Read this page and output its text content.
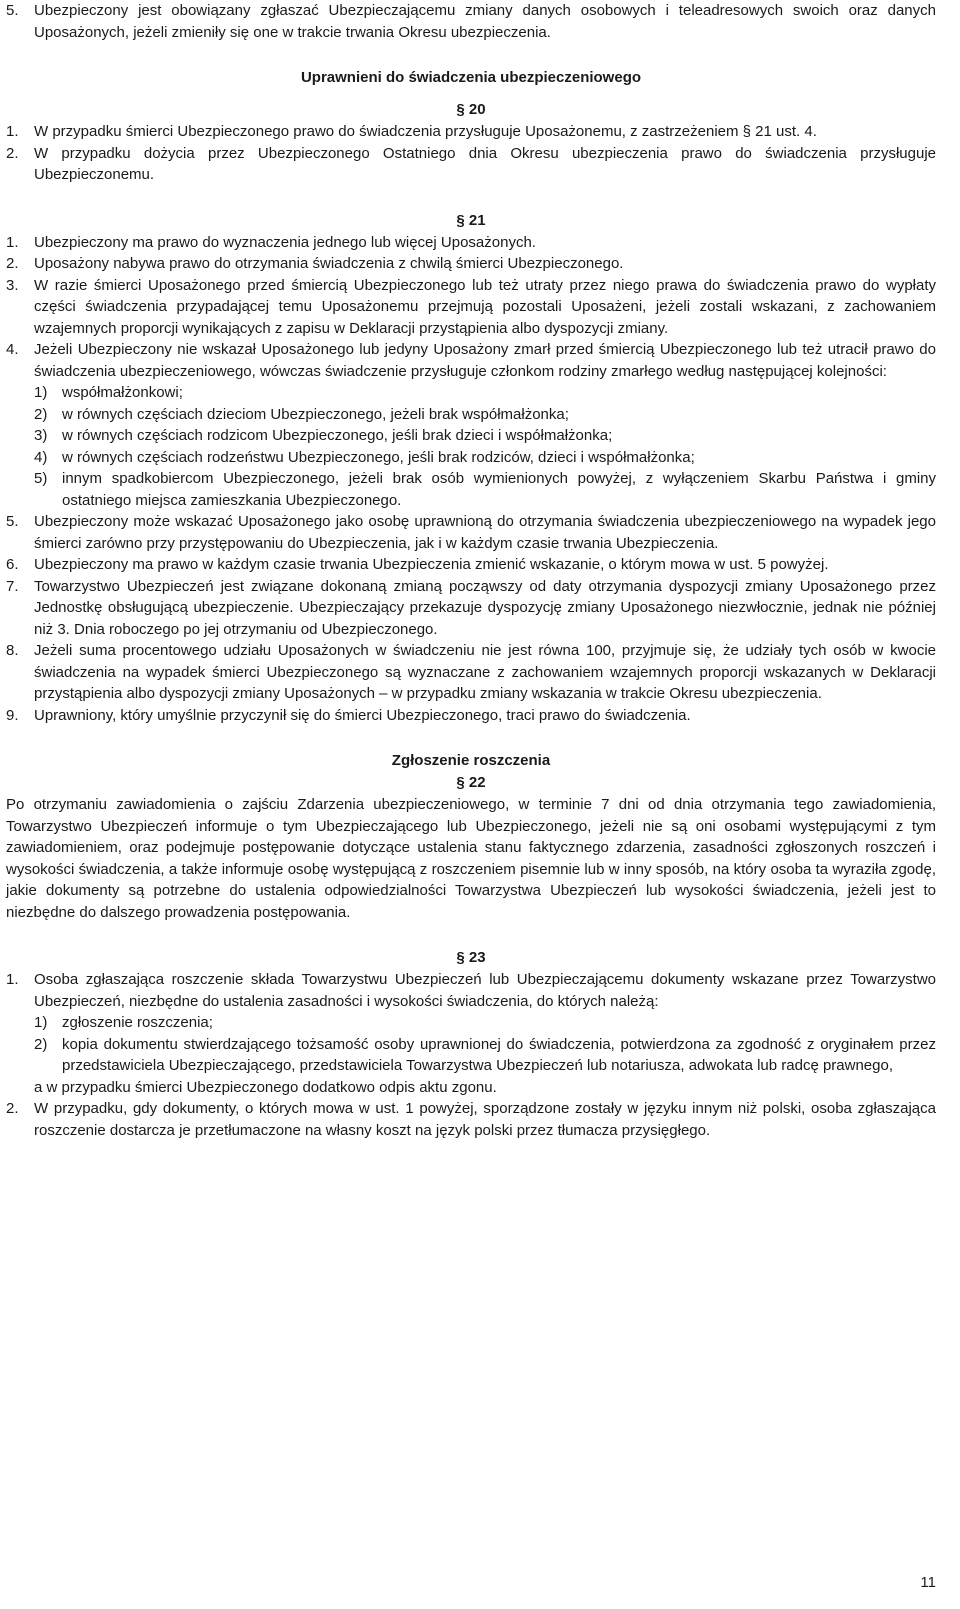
5.	Ubezpieczony jest obowiązany zgłaszać Ubezpieczającemu zmiany danych osobowych i teleadresowych swoich oraz danych Uposażonych, jeżeli zmieniły się one w trakcie trwania Okresu ubezpieczenia.
Uprawnieni do świadczenia ubezpieczeniowego
§ 20
1.	W przypadku śmierci Ubezpieczonego prawo do świadczenia przysługuje Uposażonemu, z zastrzeżeniem § 21 ust. 4.
2.	W przypadku dożycia przez Ubezpieczonego Ostatniego dnia Okresu ubezpieczenia prawo do świadczenia przysługuje Ubezpieczonemu.
§ 21
1.	Ubezpieczony ma prawo do wyznaczenia jednego lub więcej Uposażonych.
2.	Uposażony nabywa prawo do otrzymania świadczenia z chwilą śmierci Ubezpieczonego.
3.	W razie śmierci Uposażonego przed śmiercią Ubezpieczonego lub też utraty przez niego prawa do świadczenia prawo do wypłaty części świadczenia przypadającej temu Uposażonemu przejmują pozostali Uposażeni, jeżeli zostali wskazani, z zachowaniem wzajemnych proporcji wynikających z zapisu w Deklaracji przystąpienia albo dyspozycji zmiany.
4.	Jeżeli Ubezpieczony nie wskazał Uposażonego lub jedyny Uposażony zmarł przed śmiercią Ubezpieczonego lub też utracił prawo do świadczenia ubezpieczeniowego, wówczas świadczenie przysługuje członkom rodziny zmarłego według następującej kolejności:
1) współmałżonkowi;
2) w równych częściach dzieciom Ubezpieczonego, jeżeli brak współmałżonka;
3) w równych częściach rodzicom Ubezpieczonego, jeśli brak dzieci i współmałżonka;
4) w równych częściach rodzeństwu Ubezpieczonego, jeśli brak rodziców, dzieci i współmałżonka;
5) innym spadkobiercom Ubezpieczonego, jeżeli brak osób wymienionych powyżej, z wyłączeniem Skarbu Państwa i gminy ostatniego miejsca zamieszkania Ubezpieczonego.
5.	Ubezpieczony może wskazać Uposażonego jako osobę uprawnioną do otrzymania świadczenia ubezpieczeniowego na wypadek jego śmierci zarówno przy przystępowaniu do Ubezpieczenia, jak i w każdym czasie trwania Ubezpieczenia.
6.	Ubezpieczony ma prawo w każdym czasie trwania Ubezpieczenia zmienić wskazanie, o którym mowa w ust. 5 powyżej.
7.	Towarzystwo Ubezpieczeń jest związane dokonaną zmianą począwszy od daty otrzymania dyspozycji zmiany Uposażonego przez Jednostkę obsługującą ubezpieczenie. Ubezpieczający przekazuje dyspozycję zmiany Uposażonego niezwłocznie, jednak nie później niż 3. Dnia roboczego po jej otrzymaniu od Ubezpieczonego.
8.	Jeżeli suma procentowego udziału Uposażonych w świadczeniu nie jest równa 100, przyjmuje się, że udziały tych osób w kwocie świadczenia na wypadek śmierci Ubezpieczonego są wyznaczane z zachowaniem wzajemnych proporcji wskazanych w Deklaracji przystąpienia albo dyspozycji zmiany Uposażonych – w przypadku zmiany wskazania w trakcie Okresu ubezpieczenia.
9.	Uprawniony, który umyślnie przyczynił się do śmierci Ubezpieczonego, traci prawo do świadczenia.
Zgłoszenie roszczenia
§ 22
Po otrzymaniu zawiadomienia o zajściu Zdarzenia ubezpieczeniowego, w terminie 7 dni od dnia otrzymania tego zawiadomienia, Towarzystwo Ubezpieczeń informuje o tym Ubezpieczającego lub Ubezpieczonego, jeżeli nie są oni osobami występującymi z tym zawiadomieniem, oraz podejmuje postępowanie dotyczące ustalenia stanu faktycznego zdarzenia, zasadności zgłoszonych roszczeń i wysokości świadczenia, a także informuje osobę występującą z roszczeniem pisemnie lub w inny sposób, na który osoba ta wyraziła zgodę, jakie dokumenty są potrzebne do ustalenia odpowiedzialności Towarzystwa Ubezpieczeń lub wysokości świadczenia, jeżeli jest to niezbędne do dalszego prowadzenia postępowania.
§ 23
1.	Osoba zgłaszająca roszczenie składa Towarzystwu Ubezpieczeń lub Ubezpieczającemu dokumenty wskazane przez Towarzystwo Ubezpieczeń, niezbędne do ustalenia zasadności i wysokości świadczenia, do których należą:
1) zgłoszenie roszczenia;
2) kopia dokumentu stwierdzającego tożsamość osoby uprawnionej do świadczenia, potwierdzona za zgodność z oryginałem przez przedstawiciela Ubezpieczającego, przedstawiciela Towarzystwa Ubezpieczeń lub notariusza, adwokata lub radcę prawnego,
a w przypadku śmierci Ubezpieczonego dodatkowo odpis aktu zgonu.
2.	W przypadku, gdy dokumenty, o których mowa w ust. 1 powyżej, sporządzone zostały w języku innym niż polski, osoba zgłaszająca roszczenie dostarcza je przetłumaczone na własny koszt na język polski przez tłumacza przysięgłego.
11
